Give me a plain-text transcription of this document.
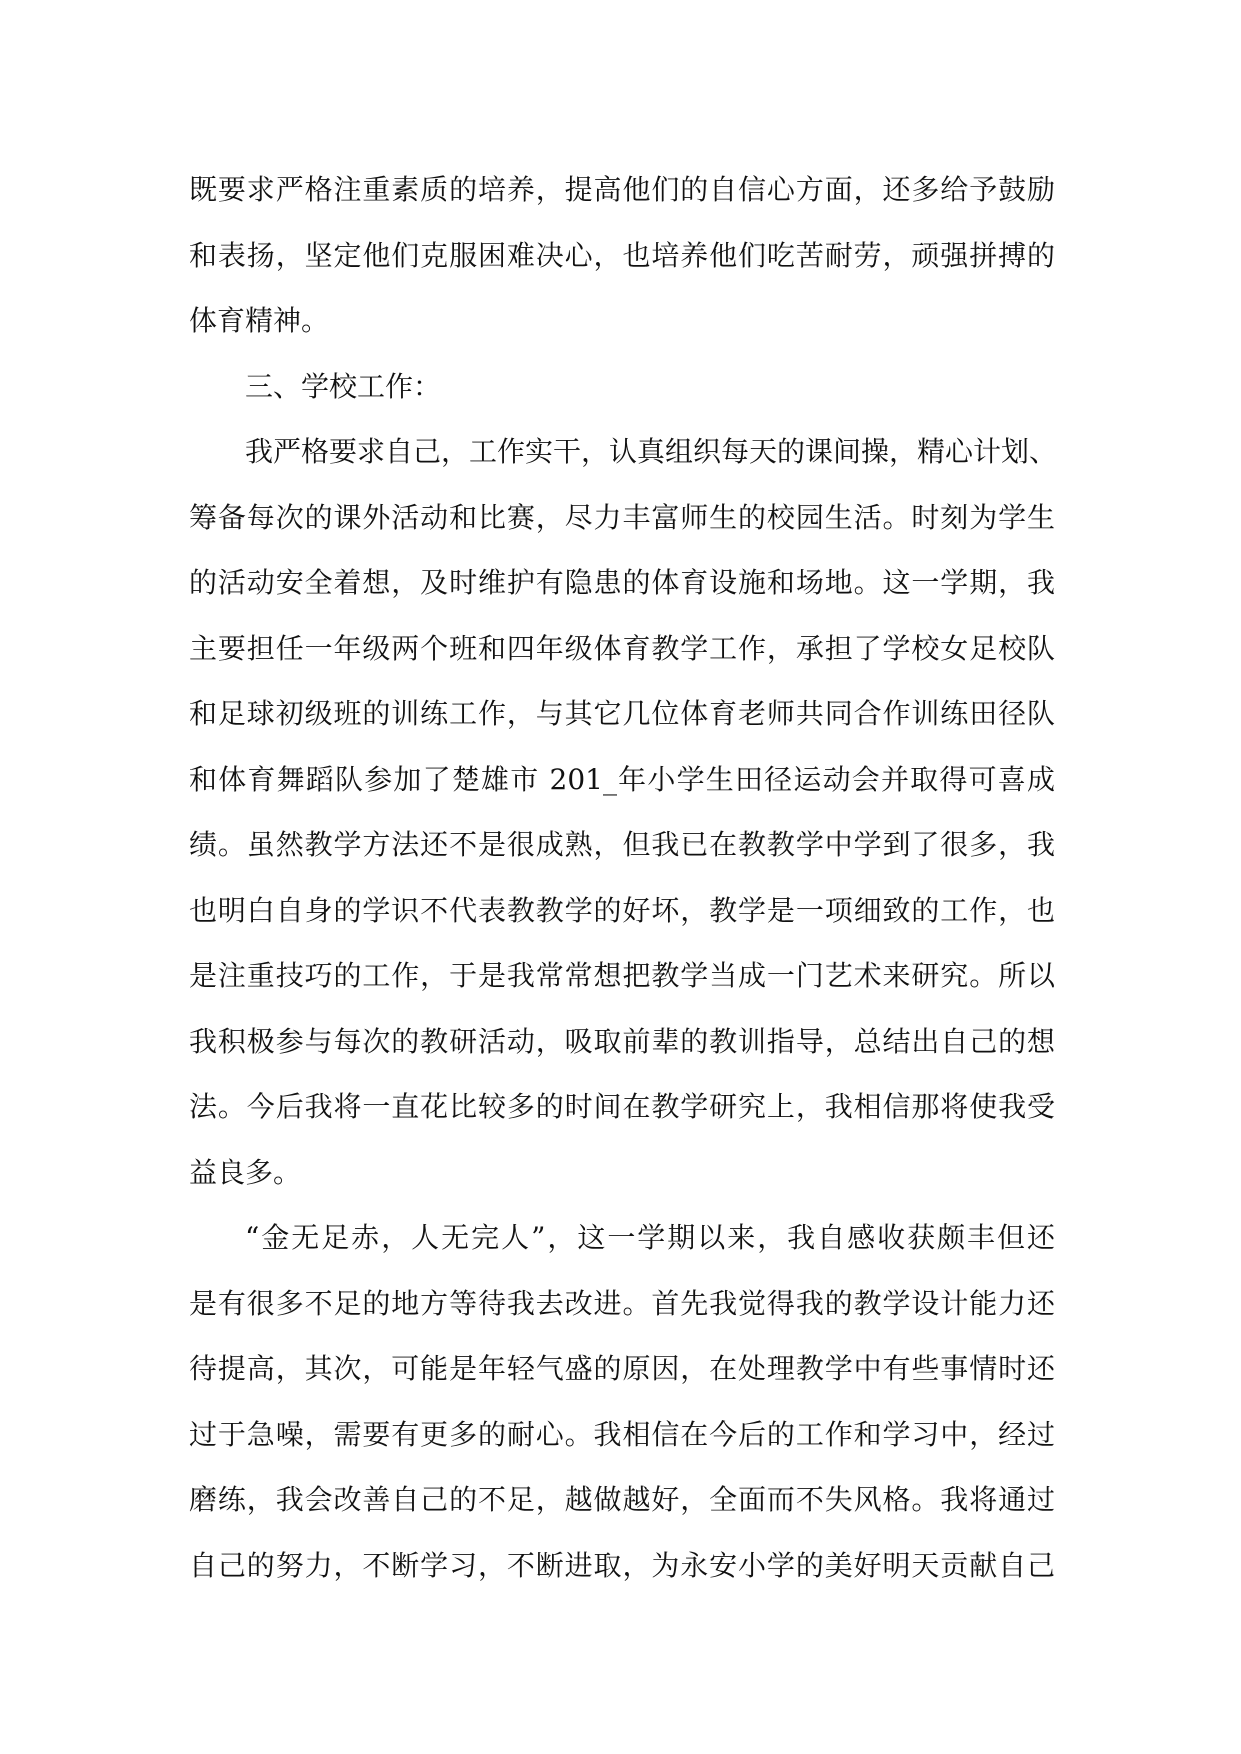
既要求严格注重素质的培养，提高他们的自信心方面，还多给予鼓励
和表扬，坚定他们克服困难决心，也培养他们吃苦耐劳，顽强拼搏的
体育精神。
三、学校工作：
我严格要求自己，工作实干，认真组织每天的课间操，精心计划、
筹备每次的课外活动和比赛，尽力丰富师生的校园生活。时刻为学生
的活动安全着想，及时维护有隐患的体育设施和场地。这一学期，我
主要担任一年级两个班和四年级体育教学工作，承担了学校女足校队
和足球初级班的训练工作，与其它几位体育老师共同合作训练田径队
和体育舞蹈队参加了楚雄市 201_年小学生田径运动会并取得可喜成
绩。虽然教学方法还不是很成熟，但我已在教教学中学到了很多，我
也明白自身的学识不代表教教学的好坏，教学是一项细致的工作，也
是注重技巧的工作，于是我常常想把教学当成一门艺术来研究。所以
我积极参与每次的教研活动，吸取前辈的教训指导，总结出自己的想
法。今后我将一直花比较多的时间在教学研究上，我相信那将使我受
益良多。
“金无足赤，人无完人”，这一学期以来，我自感收获颇丰但还
是有很多不足的地方等待我去改进。首先我觉得我的教学设计能力还
待提高，其次，可能是年轻气盛的原因，在处理教学中有些事情时还
过于急噪，需要有更多的耐心。我相信在今后的工作和学习中，经过
磨练，我会改善自己的不足，越做越好，全面而不失风格。我将通过
自己的努力，不断学习，不断进取，为永安小学的美好明天贡献自己
